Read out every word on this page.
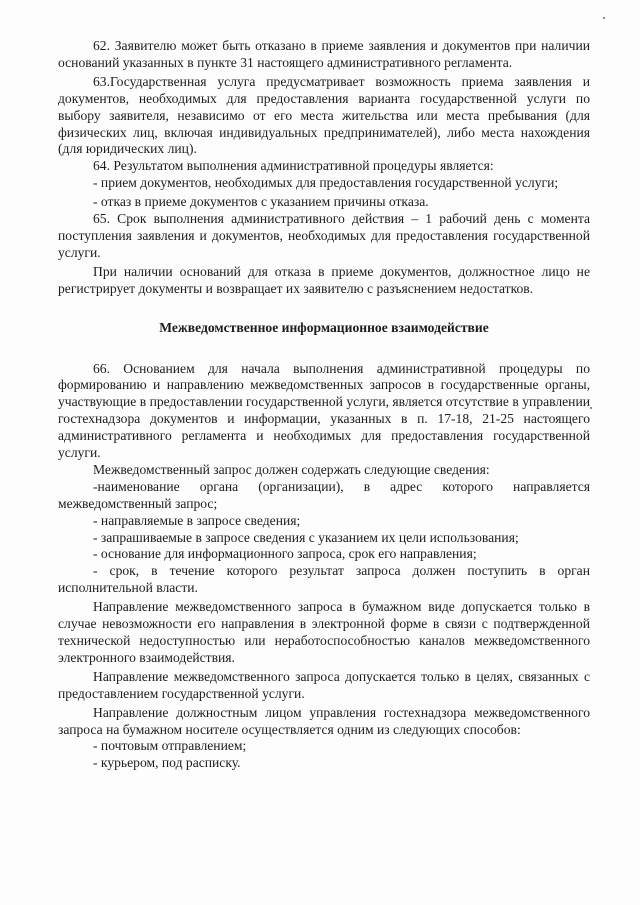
62. Заявителю может быть отказано в приеме заявления и документов при наличии оснований указанных в пункте 31 настоящего административного регламента.

63.Государственная услуга предусматривает возможность приема заявления и документов, необходимых для предоставления варианта государственной услуги по выбору заявителя, независимо от его места жительства или места пребывания (для физических лиц, включая индивидуальных предпринимателей), либо места нахождения (для юридических лиц).

64. Результатом выполнения административной процедуры является:

- прием документов, необходимых для предоставления государственной услуги;

- отказ в приеме документов с указанием причины отказа.

65. Срок выполнения административного действия – 1 рабочий день с момента поступления заявления и документов, необходимых для предоставления государственной услуги.

При наличии оснований для отказа в приеме документов, должностное лицо не регистрирует документы и возвращает их заявителю с разъяснением недостатков.

Межведомственное информационное взаимодействие

66. Основанием для начала выполнения административной процедуры по формированию и направлению межведомственных запросов в государственные органы, участвующие в предоставлении государственной услуги, является отсутствие в управлении гостехнадзора документов и информации, указанных в п. 17-18, 21-25 настоящего административного регламента и необходимых для предоставления государственной услуги.

Межведомственный запрос должен содержать следующие сведения:

-наименование органа (организации), в адрес которого направляется межведомственный запрос;

- направляемые в запросе сведения;

- запрашиваемые в запросе сведения с указанием их цели использования;

- основание для информационного запроса, срок его направления;

- срок, в течение которого результат запроса должен поступить в орган исполнительной власти.

Направление межведомственного запроса в бумажном виде допускается только в случае невозможности его направления в электронной форме в связи с подтвержденной технической недоступностью или неработоспособностью каналов межведомственного электронного взаимодействия.

Направление межведомственного запроса допускается только в целях, связанных с предоставлением государственной услуги.

Направление должностным лицом управления гостехнадзора межведомственного запроса на бумажном носителе осуществляется одним из следующих способов:

- почтовым отправлением;

- курьером, под расписку.
